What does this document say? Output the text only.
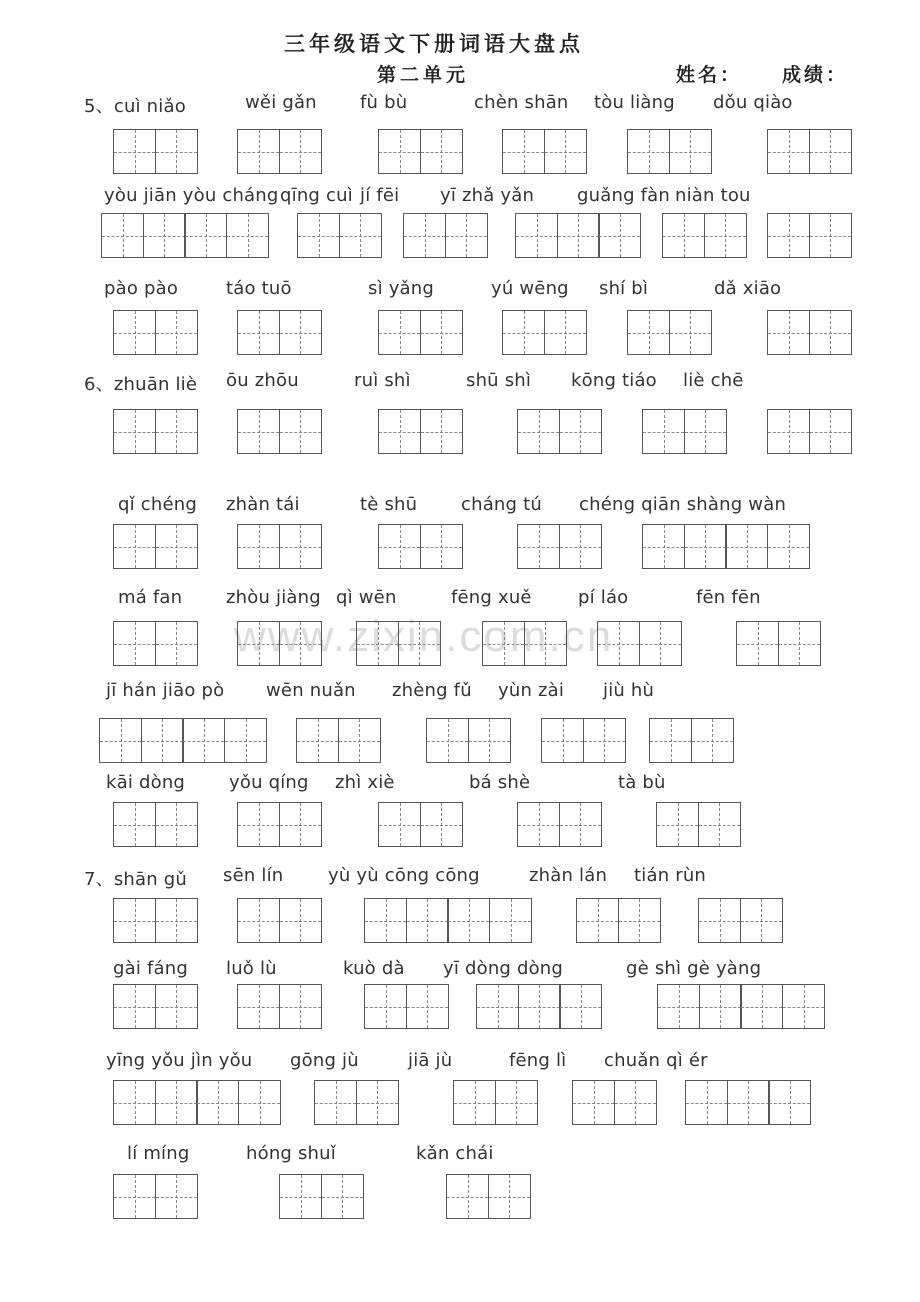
三年级语文下册词语大盘点
第二单元	姓名： 成绩：
www.zixin.com.cn
5、cuì niǎo	wěi gǎn fù bù	chèn shān tòu liàng dǒu qiào
yòu jiān yòu cháng qīng cuì jí fēi yī zhǎ yǎn guǎng fàn niàn tou
pào pào	táo tuō	sì yǎng	yú wēng shí bì	dǎ xiāo
6、zhuān liè ōu zhōu	ruì shì	shū shì kōng tiáo liè chē
qǐ chéng zhàn tái	tè shū cháng tú chéng qiān shàng wàn
má fan zhòu jiàng qì wēn	fēng xuě	pí láo	fēn fēn
jī hán jiāo pò wēn nuǎn zhèng fǔ yùn zài jiù hù
kāi dòng yǒu qíng zhì xiè	bá shè	tà bù
7、shān gǔ sēn lín yù yù cōng cōng	zhàn lán tián rùn
gài fáng luǒ lù	kuò dà yī dòng dòng	gè shì gè yàng
yīng yǒu jìn yǒu gōng jù	jiā jù	fēng lì chuǎn qì ér
lí míng	hóng shuǐ	kǎn chái
